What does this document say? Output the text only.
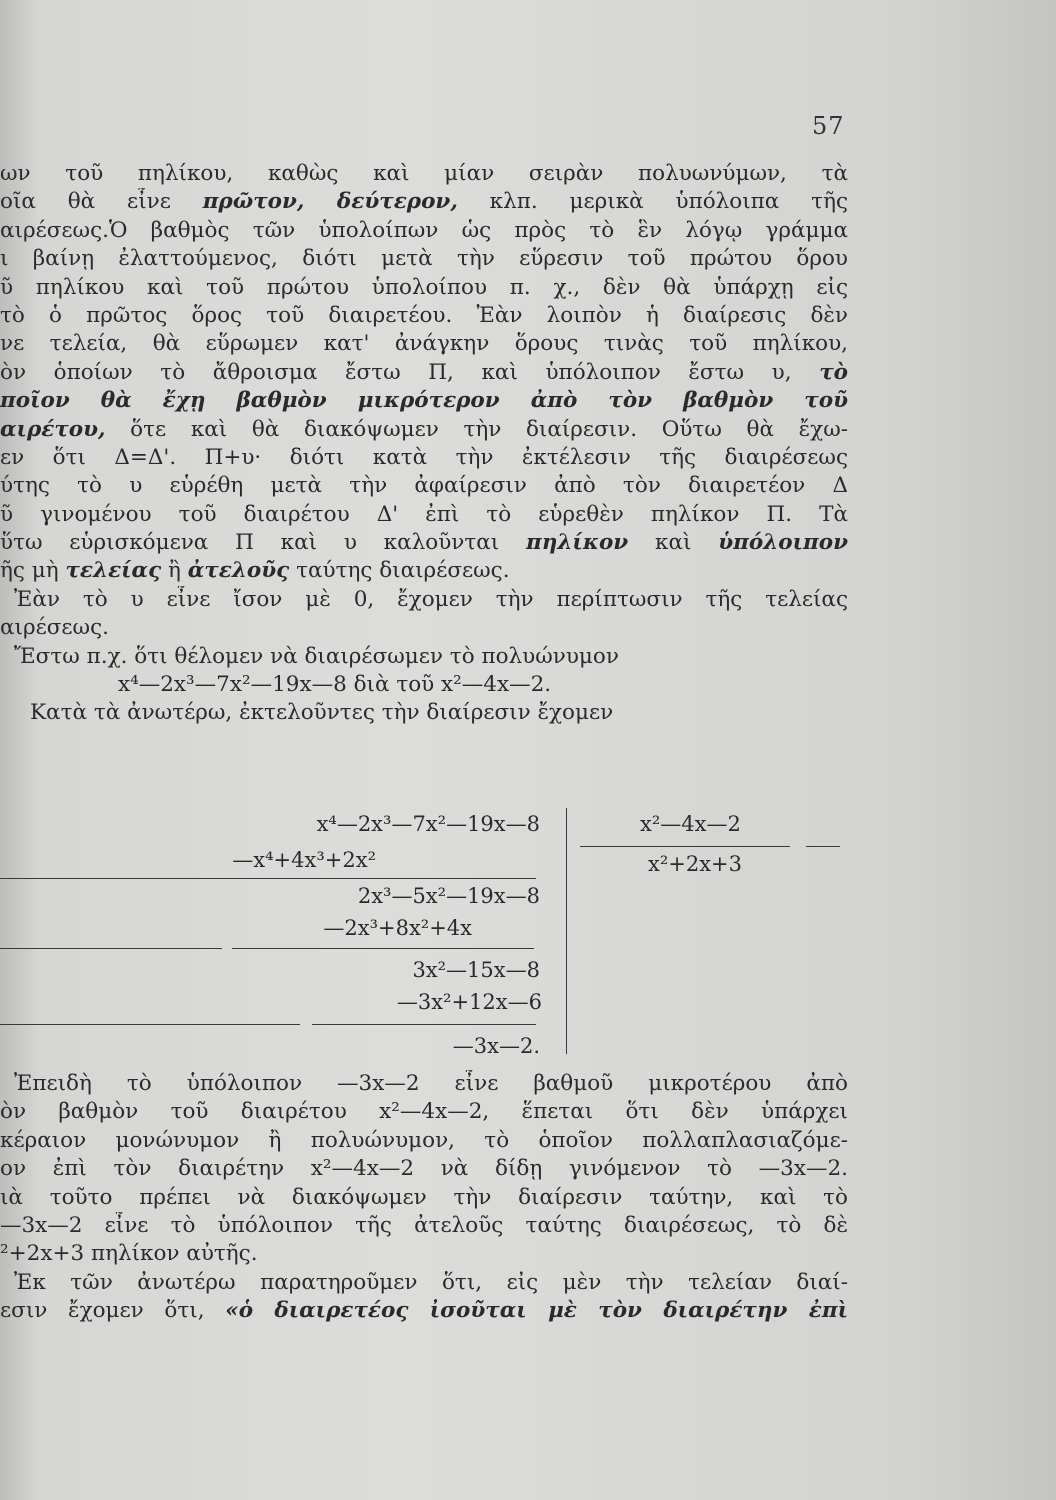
57
ων τοῦ πηλίκου, καθὼς καὶ μίαν σειρὰν πολυωνύμων, τὰ
οῖα θὰ εἶνε πρῶτον, δεύτερον, κλπ. μερικὰ ὑπόλοιπα τῆς
αιρέσεως.Ὁ βαθμὸς τῶν ὑπολοίπων ὡς πρὸς τὸ ἓν λόγῳ γράμμα
ι βαίνῃ ἐλαττούμενος, διότι μετὰ τὴν εὕρεσιν τοῦ πρώτου ὅρου
ῦ πηλίκου καὶ τοῦ πρώτου ὑπολοίπου π. χ., δὲν θὰ ὑπάρχῃ εἰς
τὸ ὁ πρῶτος ὅρος τοῦ διαιρετέου. Ἐὰν λοιπὸν ἡ διαίρεσις δὲν
νε τελεία, θὰ εὕρωμεν κατ' ἀνάγκην ὅρους τινὰς τοῦ πηλίκου,
ὸν ὁποίων τὸ ἄθροισμα ἔστω Π, καὶ ὑπόλοιπον ἔστω υ, τὸ
ποῖον θὰ ἔχῃ βαθμὸν μικρότερον ἀπὸ τὸν βαθμὸν τοῦ
αιρέτου, ὅτε καὶ θὰ διακόψωμεν τὴν διαίρεσιν. Οὕτω θὰ ἔχω-
εν ὅτι Δ=Δ'. Π+υ· διότι κατὰ τὴν ἐκτέλεσιν τῆς διαιρέσεως
ύτης τὸ υ εὑρέθη μετὰ τὴν ἀφαίρεσιν ἀπὸ τὸν διαιρετέον Δ
ῦ γινομένου τοῦ διαιρέτου Δ' ἐπὶ τὸ εὑρεθὲν πηλίκον Π. Τὰ
ὕτω εὑρισκόμενα Π καὶ υ καλοῦνται πηλίκον καὶ ὑπόλοιπον
ῆς μὴ τελείας ἢ ἀτελοῦς ταύτης διαιρέσεως.
Ἐὰν τὸ υ εἶνε ἴσον μὲ 0, ἔχομεν τὴν περίπτωσιν τῆς τελείας
αιρέσεως.
Ἔστω π.χ. ὅτι θέλομεν νὰ διαιρέσωμεν τὸ πολυώνυμον
x⁴—2x³—7x²—19x—8 διὰ τοῦ x²—4x—2.
Κατὰ τὰ ἀνωτέρω, ἐκτελοῦντες τὴν διαίρεσιν ἔχομεν
x⁴—2x³—7x²—19x—8
—x⁴+4x³+2x²
2x³—5x²—19x—8
—2x³+8x²+4x
3x²—15x—8
—3x²+12x—6
—3x—2.
x²—4x—2
x²+2x+3
Ἐπειδὴ τὸ ὑπόλοιπον —3x—2 εἶνε βαθμοῦ μικροτέρου ἀπὸ
ὸν βαθμὸν τοῦ διαιρέτου x²—4x—2, ἕπεται ὅτι δὲν ὑπάρχει
κέραιον μονώνυμον ἢ πολυώνυμον, τὸ ὁποῖον πολλαπλασιαζόμε-
ον ἐπὶ τὸν διαιρέτην x²—4x—2 νὰ δίδῃ γινόμενον τὸ —3x—2.
ιὰ τοῦτο πρέπει νὰ διακόψωμεν τὴν διαίρεσιν ταύτην, καὶ τὸ
—3x—2 εἶνε τὸ ὑπόλοιπον τῆς ἀτελοῦς ταύτης διαιρέσεως, τὸ δὲ
²+2x+3 πηλίκον αὐτῆς.
Ἐκ τῶν ἀνωτέρω παρατηροῦμεν ὅτι, εἰς μὲν τὴν τελείαν διαί-
εσιν ἔχομεν ὅτι, «ὁ διαιρετέος ἰσοῦται μὲ τὸν διαιρέτην ἐπὶ
